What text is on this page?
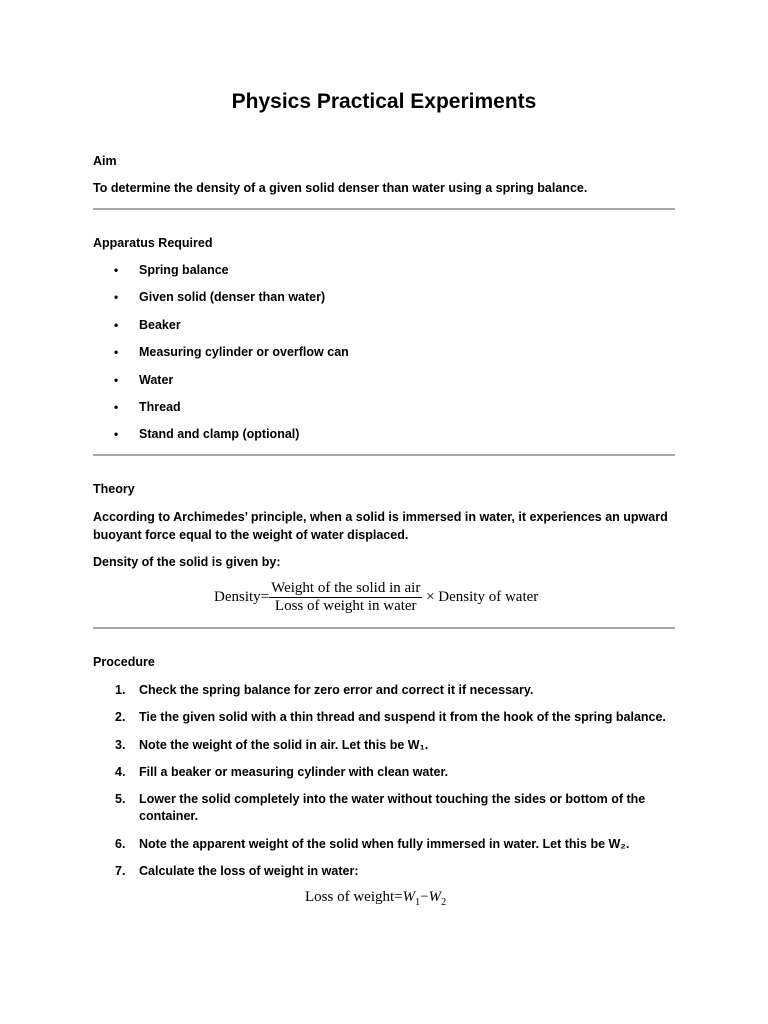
Physics Practical Experiments
Aim
To determine the density of a given solid denser than water using a spring balance.
Apparatus Required
• Spring balance
• Given solid (denser than water)
• Beaker
• Measuring cylinder or overflow can
• Water
• Thread
• Stand and clamp (optional)
Theory
According to Archimedes’ principle, when a solid is immersed in water, it experiences an upward buoyant force equal to the weight of water displaced.
Density of the solid is given by:
Density= $\frac{\text{Weight of the solid in air}}{\text{Loss of weight in water}}$ × Density of water
Procedure
1. Check the spring balance for zero error and correct it if necessary.
2. Tie the given solid with a thin thread and suspend it from the hook of the spring balance.
3. Note the weight of the solid in air. Let this be W₁.
4. Fill a beaker or measuring cylinder with clean water.
5. Lower the solid completely into the water without touching the sides or bottom of the container.
6. Note the apparent weight of the solid when fully immersed in water. Let this be W₂.
7. Calculate the loss of weight in water:
Loss of $weight=W_1-W_2$
